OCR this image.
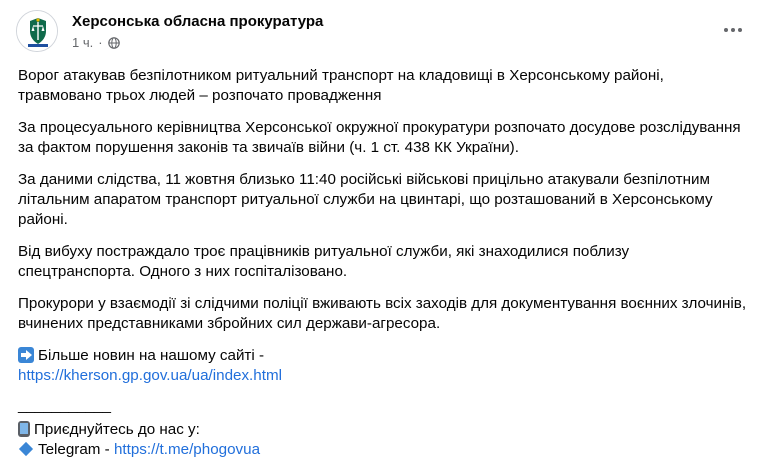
Херсонська обласна прокуратура
1 ч. ·

Ворог атакував безпілотником ритуальний транспорт на кладовищі в Херсонському районі, травмовано трьох людей – розпочато провадження

За процесуального керівництва Херсонської окружної прокуратури розпочато досудове розслідування за фактом порушення законів та звичаїв війни (ч. 1 ст. 438 КК України).

За даними слідства, 11 жовтня близько 11:40 російські військові прицільно атакували безпілотним літальним апаратом транспорт ритуальної служби на цвинтарі, що розташований в Херсонському районі.

Від вибуху постраждало троє працівників ритуальної служби, які знаходилися поблизу спецтранспорта. Одного з них госпіталізовано.

Прокурори у взаємодії зі слідчими поліції вживають всіх заходів для документування воєнних злочинів, вчинених представниками збройних сил держави-агресора.

Більше новин на нашому сайті -
https://kherson.gp.gov.ua/ua/index.html

___________
Приєднуйтесь до нас у:
Telegram - https://t.me/phogovua
